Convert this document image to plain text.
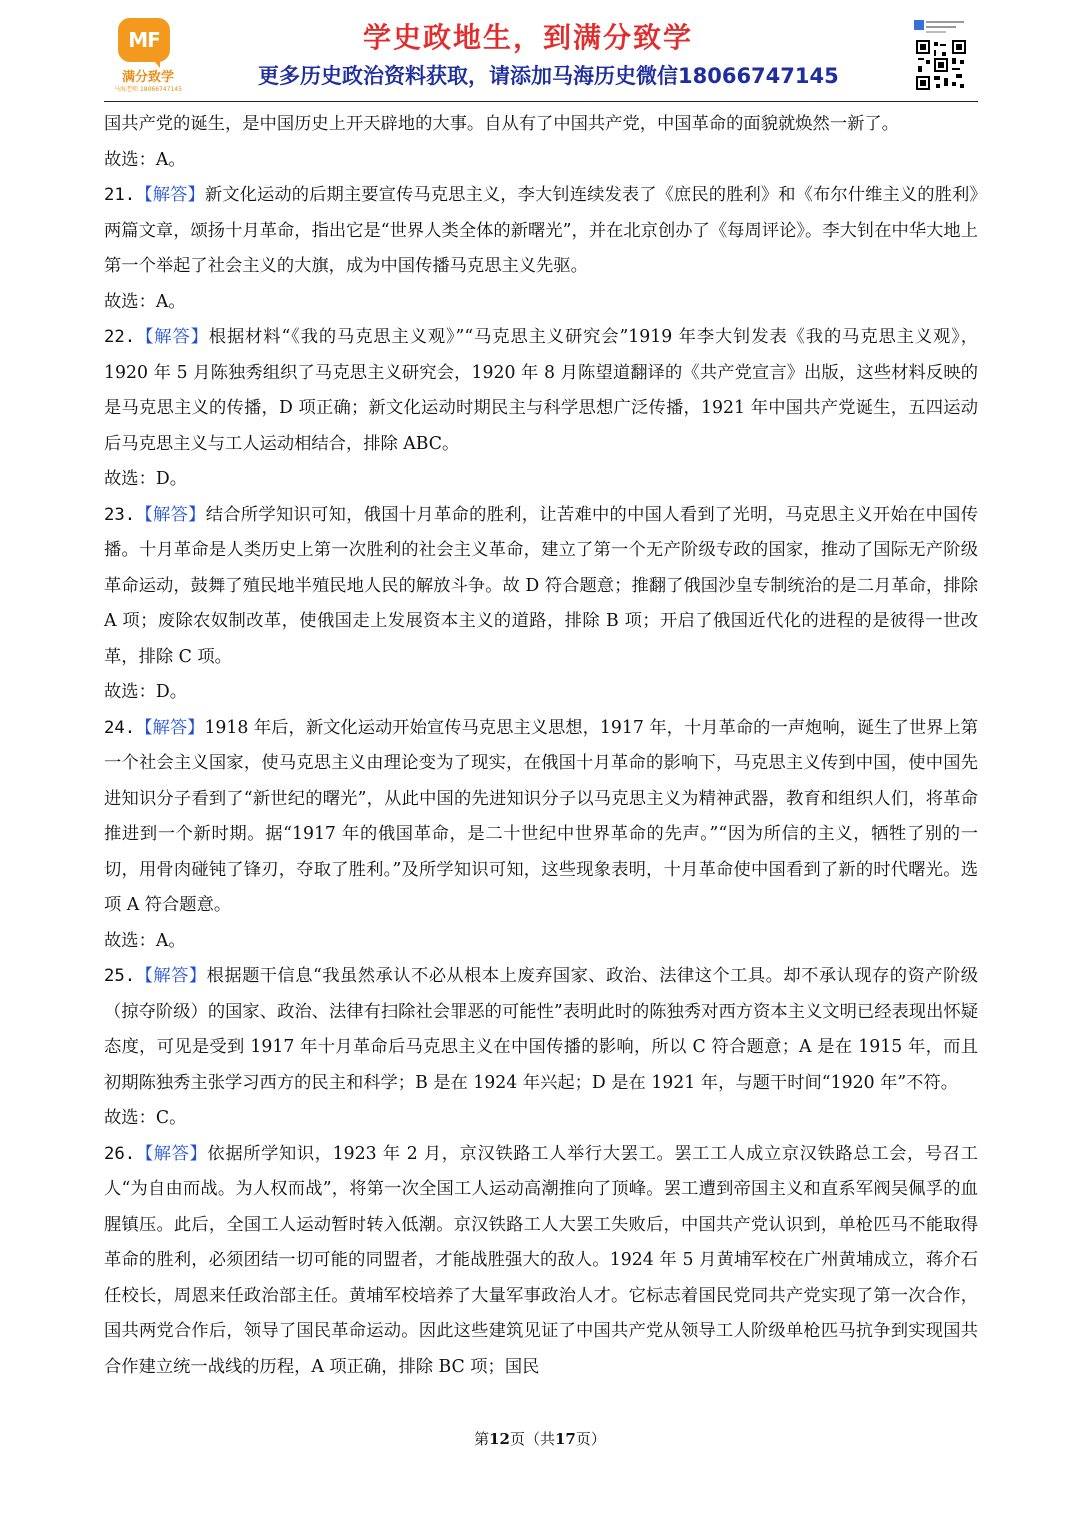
MF
满分致学
马海老师 18066747145
学史政地生，到满分致学
更多历史政治资料获取，请添加马海历史微信18066747145

国共产党的诞生，是中国历史上开天辟地的大事。自从有了中国共产党，中国革命的面貌就焕然一新了。

故选：A。

21.【解答】新文化运动的后期主要宣传马克思主义，李大钊连续发表了《庶民的胜利》和《布尔什维主义的胜利》两篇文章，颂扬十月革命，指出它是“世界人类全体的新曙光”，并在北京创办了《每周评论》。李大钊在中华大地上第一个举起了社会主义的大旗，成为中国传播马克思主义先驱。

故选：A。

22.【解答】根据材料“《我的马克思主义观》”“马克思主义研究会”1919 年李大钊发表《我的马克思主义观》，1920 年 5 月陈独秀组织了马克思主义研究会，1920 年 8 月陈望道翻译的《共产党宣言》出版，这些材料反映的是马克思主义的传播，D 项正确；新文化运动时期民主与科学思想广泛传播，1921 年中国共产党诞生，五四运动后马克思主义与工人运动相结合，排除 ABC。

故选：D。

23.【解答】结合所学知识可知，俄国十月革命的胜利，让苦难中的中国人看到了光明，马克思主义开始在中国传播。十月革命是人类历史上第一次胜利的社会主义革命，建立了第一个无产阶级专政的国家，推动了国际无产阶级革命运动，鼓舞了殖民地半殖民地人民的解放斗争。故 D 符合题意；推翻了俄国沙皇专制统治的是二月革命，排除 A 项；废除农奴制改革，使俄国走上发展资本主义的道路，排除 B 项；开启了俄国近代化的进程的是彼得一世改革，排除 C 项。

故选：D。

24.【解答】1918 年后，新文化运动开始宣传马克思主义思想，1917 年，十月革命的一声炮响，诞生了世界上第一个社会主义国家，使马克思主义由理论变为了现实，在俄国十月革命的影响下，马克思主义传到中国，使中国先进知识分子看到了“新世纪的曙光”，从此中国的先进知识分子以马克思主义为精神武器，教育和组织人们，将革命推进到一个新时期。据“1917 年的俄国革命，是二十世纪中世界革命的先声。”“因为所信的主义，牺牲了别的一切，用骨肉碰钝了锋刃，夺取了胜利。”及所学知识可知，这些现象表明，十月革命使中国看到了新的时代曙光。选项 A 符合题意。

故选：A。

25.【解答】根据题干信息“我虽然承认不必从根本上废弃国家、政治、法律这个工具。却不承认现存的资产阶级（掠夺阶级）的国家、政治、法律有扫除社会罪恶的可能性”表明此时的陈独秀对西方资本主义文明已经表现出怀疑态度，可见是受到 1917 年十月革命后马克思主义在中国传播的影响，所以 C 符合题意；A 是在 1915 年，而且初期陈独秀主张学习西方的民主和科学；B 是在 1924 年兴起；D 是在 1921 年，与题干时间“1920 年”不符。

故选：C。

26.【解答】依据所学知识，1923 年 2 月，京汉铁路工人举行大罢工。罢工工人成立京汉铁路总工会，号召工人“为自由而战。为人权而战”，将第一次全国工人运动高潮推向了顶峰。罢工遭到帝国主义和直系军阀吴佩孚的血腥镇压。此后，全国工人运动暂时转入低潮。京汉铁路工人大罢工失败后，中国共产党认识到，单枪匹马不能取得革命的胜利，必须团结一切可能的同盟者，才能战胜强大的敌人。1924 年 5 月黄埔军校在广州黄埔成立，蒋介石任校长，周恩来任政治部主任。黄埔军校培养了大量军事政治人才。它标志着国民党同共产党实现了第一次合作，国共两党合作后，领导了国民革命运动。因此这些建筑见证了中国共产党从领导工人阶级单枪匹马抗争到实现国共合作建立统一战线的历程，A 项正确，排除 BC 项；国民

第12页（共17页）
